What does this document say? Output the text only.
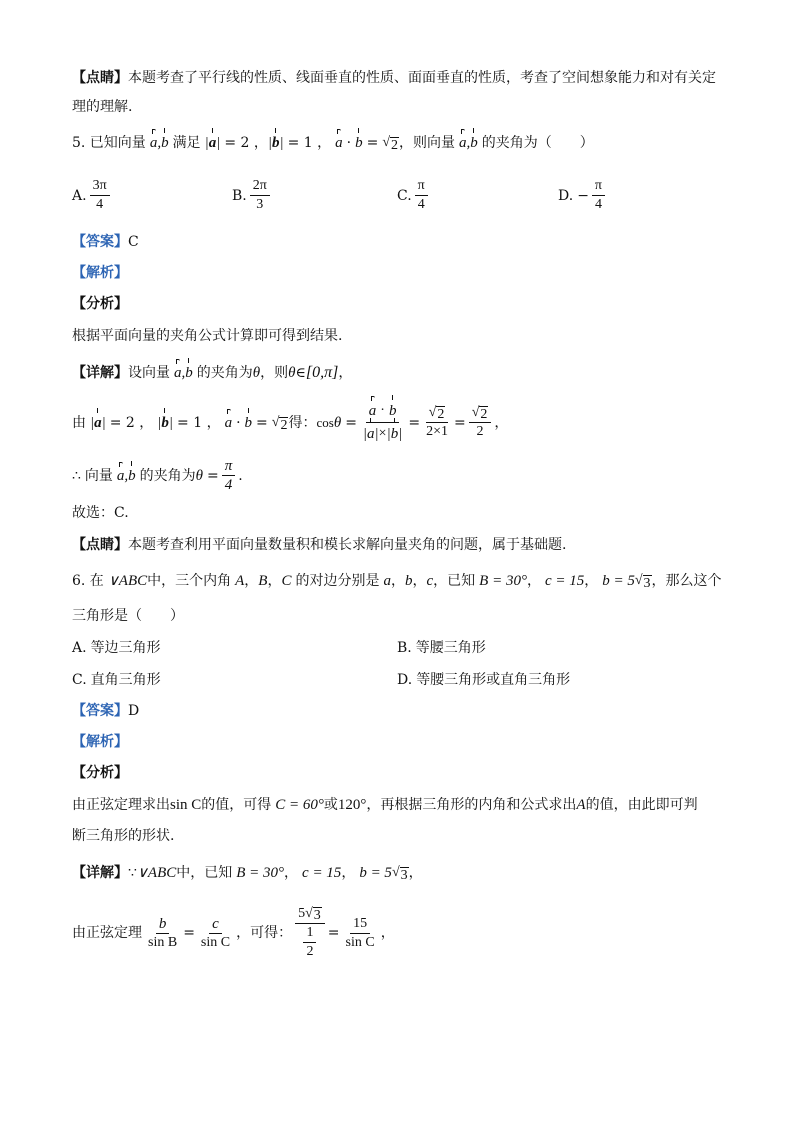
【点睛】 本题考查了平行线的性质、线面垂直的性质、面面垂直的性质，考查了空间想象能力和对有关定
理的理解.
5. 已知向量 a , b 满足 | a | = 2 ， | b | = 1 ， a · b = √ 2 ，则向量 a , b 的夹角为（　　）
A. $\frac{3\pi}{4}$	B. $\frac{2\pi}{3}$	C. $\frac{\pi}{4}$	D. − $\frac{\pi}{4}$
【答案】 C
【解析】
【分析】
根据平面向量的夹角公式计算即可得到结果.
【详解】 设向量 a , b 的夹角为 θ ，则 θ ∈ [0,π] ，
由 | a | = 2 ， | b | = 1 ， a · b = √ 2 得： $\cos \theta = \frac{a \cdot b}{| a | \times | b |} = \frac{√ 2}{2\times 1} = \frac{√ 2}{2}$ ，
∴ 向量 a , b 的夹角为 $\theta = \frac{\pi}{4}$ .
故选：C.
【点睛】 本题考查利用平面向量数量积和模长求解向量夹角的问题，属于基础题.
6. 在 ∨ABC 中，三个内角 A ， B ， C 的对边分别是 a ， b ， c ，已知 B = 30° ， c = 15 ， b = 5 √ 3 ，那么这个
三角形是（　　）
A. 等边三角形	B. 等腰三角形
C. 直角三角形	D. 等腰三角形或直角三角形
【答案】 D
【解析】
【分析】
由正弦定理求出 sin C 的值，可得 C = 60° 或 120° ，再根据三角形的内角和公式求出 A 的值，由此即可判
断三角形的形状.
【详解】 ∵ ∨ABC 中，已知 B = 30° ， c = 15 ， b = 5 √ 3 ，
由正弦定理 $\frac{b}{\text{sin B}} = \frac{c}{\text{sin C}}$ ，可得： $\frac{5 √ 3}{\frac{1}{2}} = \frac{15}{\text{sin C}}$ ，
